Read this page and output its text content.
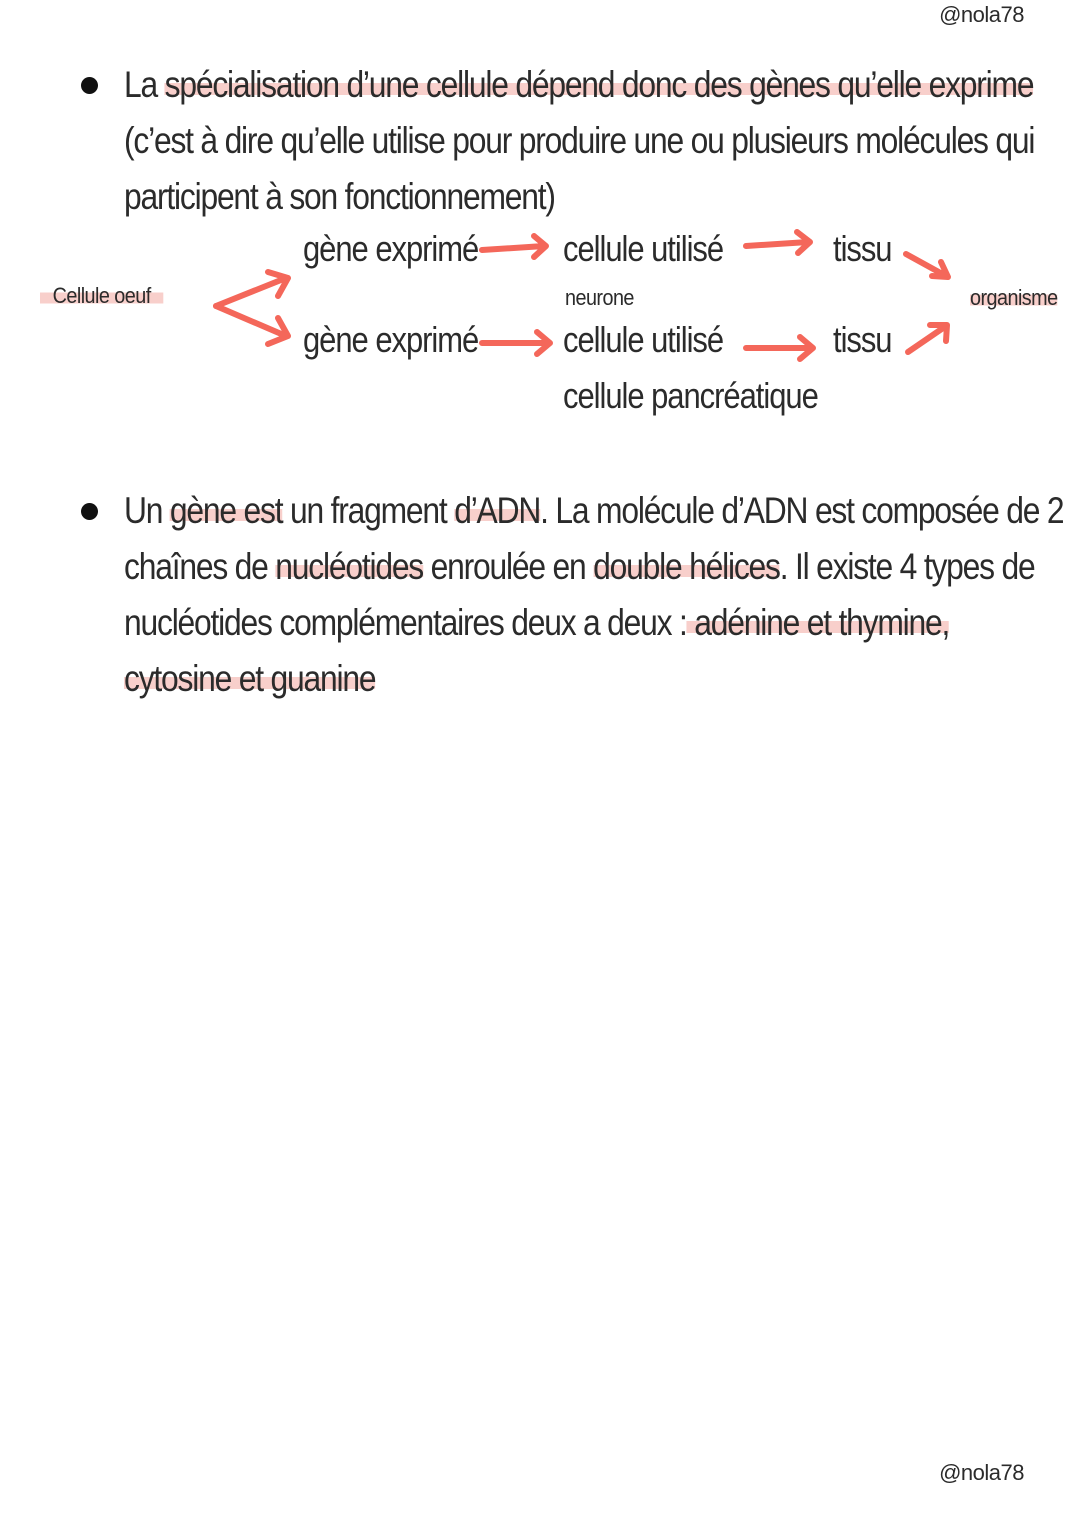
@nola78
La spécialisation d’une cellule dépend donc des gènes qu’elle exprime
(c’est à dire qu’elle utilise pour produire une ou plusieurs molécules qui
participent à son fonctionnement)
Cellule oeuf
gène exprimé cellule utilisé
neurone
tissu
organisme
gène exprimé cellule utilisé
cellule pancréatique
tissu
Un gène est un fragment d’ADN. La molécule d’ADN est composée de 2
chaînes de nucléotides enroulée en double hélices. Il existe 4 types de
nucléotides complémentaires deux a deux : adénine et thymine,
cytosine et guanine
@nola78
